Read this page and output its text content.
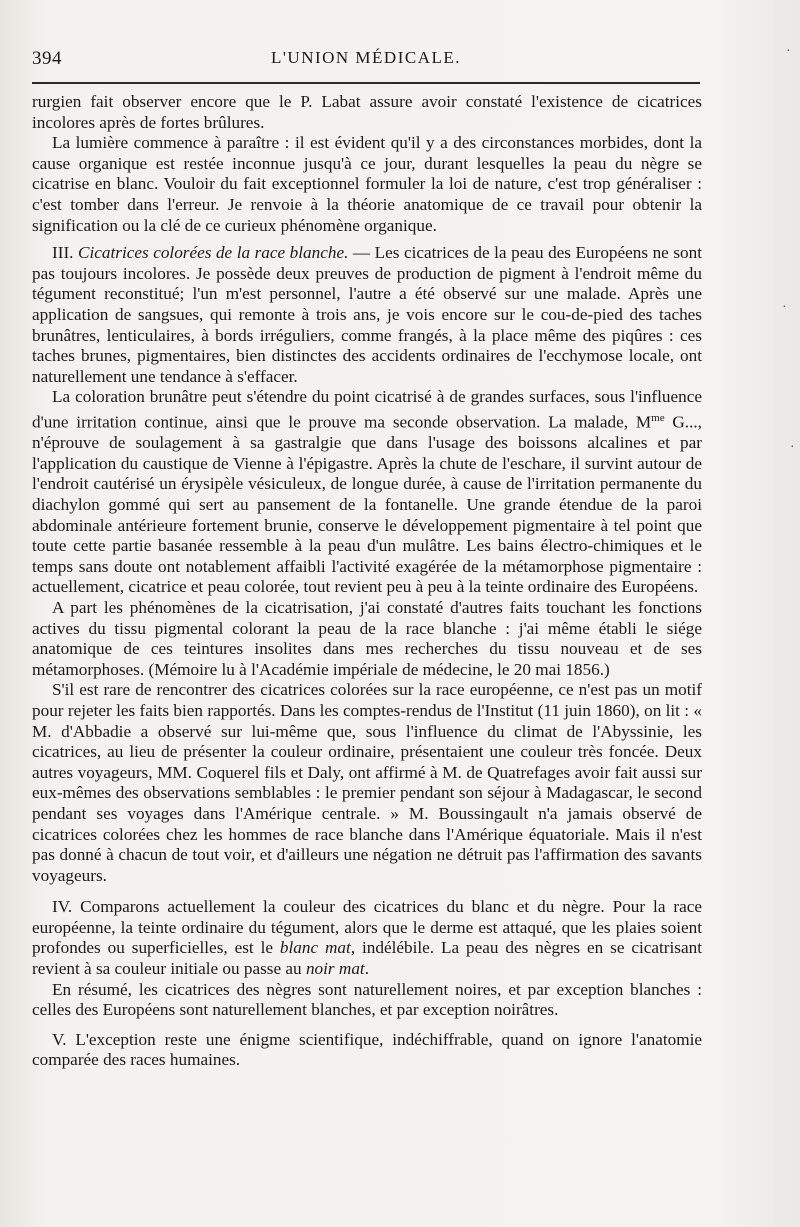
394	L'UNION MÉDICALE.

rurgien fait observer encore que le P. Labat assure avoir constaté l'existence de cicatrices incolores après de fortes brûlures.

La lumière commence à paraître : il est évident qu'il y a des circonstances morbides, dont la cause organique est restée inconnue jusqu'à ce jour, durant lesquelles la peau du nègre se cicatrise en blanc. Vouloir du fait exceptionnel formuler la loi de nature, c'est trop généraliser : c'est tomber dans l'erreur. Je renvoie à la théorie anatomique de ce travail pour obtenir la signification ou la clé de ce curieux phénomène organique.

III. Cicatrices colorées de la race blanche. — Les cicatrices de la peau des Européens ne sont pas toujours incolores. Je possède deux preuves de production de pigment à l'endroit même du tégument reconstitué; l'un m'est personnel, l'autre a été observé sur une malade. Après une application de sangsues, qui remonte à trois ans, je vois encore sur le cou-de-pied des taches brunâtres, lenticulaires, à bords irréguliers, comme frangés, à la place même des piqûres : ces taches brunes, pigmentaires, bien distinctes des accidents ordinaires de l'ecchymose locale, ont naturellement une tendance à s'effacer.

La coloration brunâtre peut s'étendre du point cicatrisé à de grandes surfaces, sous l'influence d'une irritation continue, ainsi que le prouve ma seconde observation. La malade, $M^{me}$ G..., n'éprouve de soulagement à sa gastralgie que dans l'usage des boissons alcalines et par l'application du caustique de Vienne à l'épigastre. Après la chute de l'eschare, il survint autour de l'endroit cautérisé un érysipèle vésiculeux, de longue durée, à cause de l'irritation permanente du diachylon gommé qui sert au pansement de la fontanelle. Une grande étendue de la paroi abdominale antérieure fortement brunie, conserve le développement pigmentaire à tel point que toute cette partie basanée ressemble à la peau d'un mulâtre. Les bains électro-chimiques et le temps sans doute ont notablement affaibli l'activité exagérée de la métamorphose pigmentaire : actuellement, cicatrice et peau colorée, tout revient peu à peu à la teinte ordinaire des Européens.

A part les phénomènes de la cicatrisation, j'ai constaté d'autres faits touchant les fonctions actives du tissu pigmental colorant la peau de la race blanche : j'ai même établi le siége anatomique de ces teintures insolites dans mes recherches du tissu nouveau et de ses métamorphoses. (Mémoire lu à l'Académie impériale de médecine, le 20 mai 1856.)

S'il est rare de rencontrer des cicatrices colorées sur la race européenne, ce n'est pas un motif pour rejeter les faits bien rapportés. Dans les comptes-rendus de l'Institut (11 juin 1860), on lit : « M. d'Abbadie a observé sur lui-même que, sous l'influence du climat de l'Abyssinie, les cicatrices, au lieu de présenter la couleur ordinaire, présentaient une couleur très foncée. Deux autres voyageurs, MM. Coquerel fils et Daly, ont affirmé à M. de Quatrefages avoir fait aussi sur eux-mêmes des observations semblables : le premier pendant son séjour à Madagascar, le second pendant ses voyages dans l'Amérique centrale. » M. Boussingault n'a jamais observé de cicatrices colorées chez les hommes de race blanche dans l'Amérique équatoriale. Mais il n'est pas donné à chacun de tout voir, et d'ailleurs une négation ne détruit pas l'affirmation des savants voyageurs.

IV. Comparons actuellement la couleur des cicatrices du blanc et du nègre. Pour la race européenne, la teinte ordinaire du tégument, alors que le derme est attaqué, que les plaies soient profondes ou superficielles, est le blanc mat, indélébile. La peau des nègres en se cicatrisant revient à sa couleur initiale ou passe au noir mat.

En résumé, les cicatrices des nègres sont naturellement noires, et par exception blanches : celles des Européens sont naturellement blanches, et par exception noirâtres.

V. L'exception reste une énigme scientifique, indéchiffrable, quand on ignore l'anatomie comparée des races humaines.

·
·
·
